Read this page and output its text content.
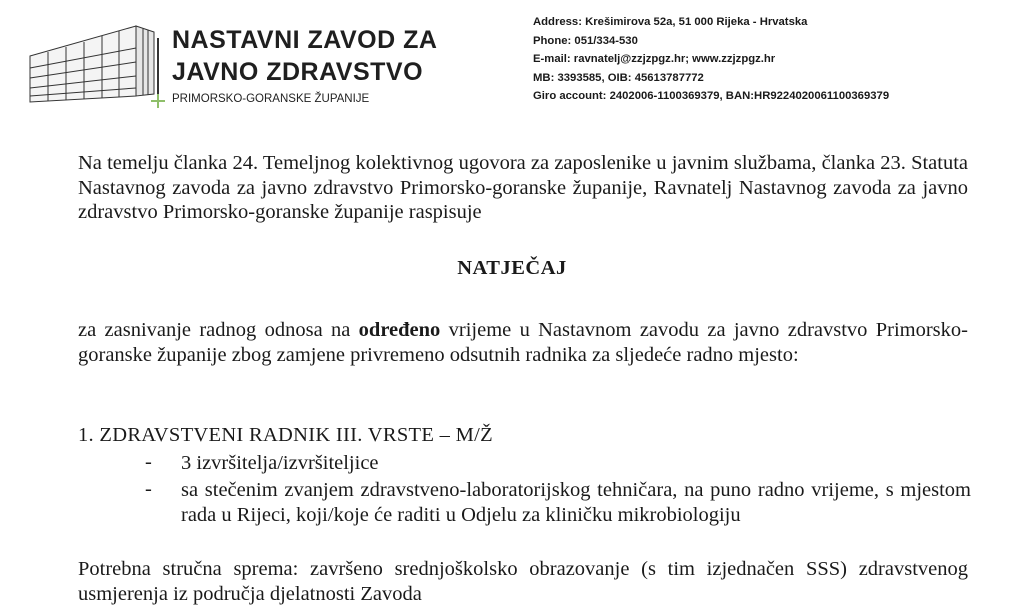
NASTAVNI ZAVOD ZA
JAVNO ZDRAVSTVO
PRIMORSKO-GORANSKE ŽUPANIJE
Address: Krešimirova 52a, 51 000 Rijeka - Hrvatska
Phone: 051/334-530
E-mail: ravnatelj@zzjzpgz.hr; www.zzjzpgz.hr
MB: 3393585, OIB: 45613787772
Giro account: 2402006-1100369379, BAN:HR9224020061100369379

Na temelju članka 24. Temeljnog kolektivnog ugovora za zaposlenike u javnim službama, članka 23. Statuta Nastavnog zavoda za javno zdravstvo Primorsko-goranske županije, Ravnatelj Nastavnog zavoda za javno zdravstvo Primorsko-goranske županije raspisuje

NATJEČAJ

za zasnivanje radnog odnosa na određeno vrijeme u Nastavnom zavodu za javno zdravstvo Primorsko-goranske županije zbog zamjene privremeno odsutnih radnika za sljedeće radno mjesto:

1. ZDRAVSTVENI RADNIK III. VRSTE – M/Ž
- 3 izvršitelja/izvršiteljice
- sa stečenim zvanjem zdravstveno-laboratorijskog tehničara, na puno radno vrijeme, s mjestom rada u Rijeci, koji/koje će raditi u Odjelu za kliničku mikrobiologiju

Potrebna stručna sprema: završeno srednjoškolsko obrazovanje (s tim izjednačen SSS) zdravstvenog usmjerenja iz područja djelatnosti Zavoda
